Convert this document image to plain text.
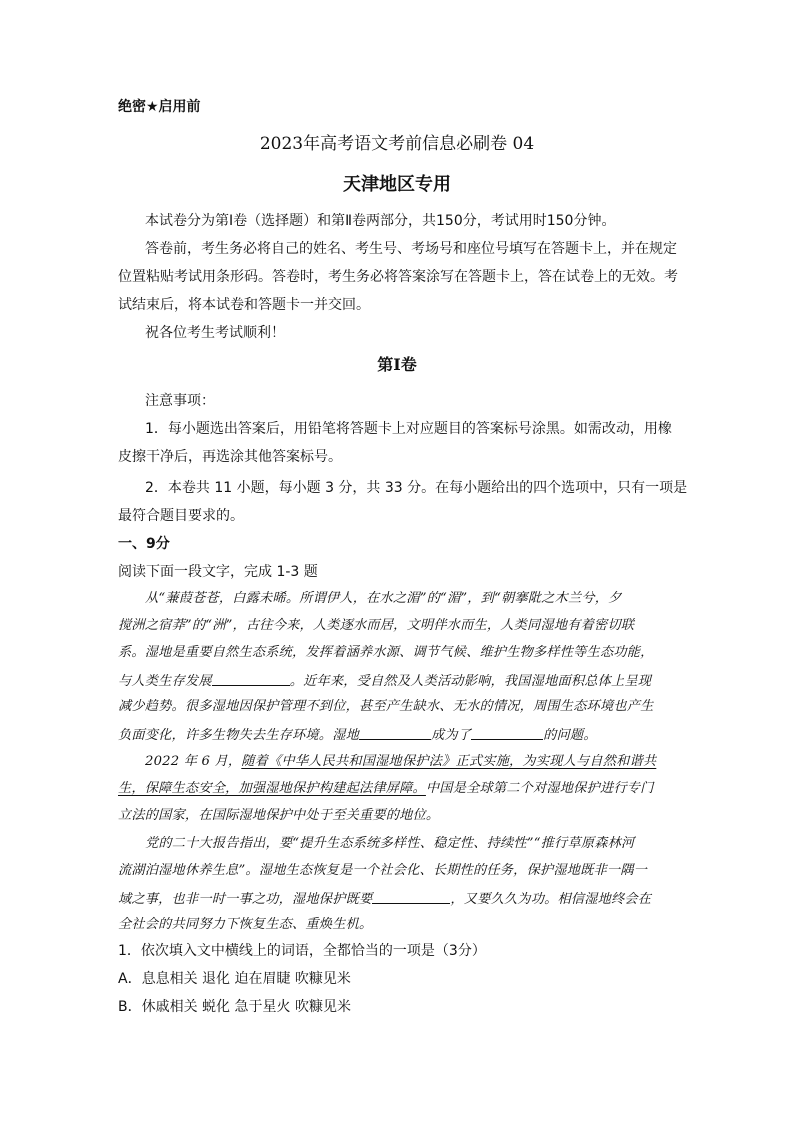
绝密★启用前
2023年高考语文考前信息必刷卷 04
天津地区专用
本试卷分为第Ⅰ卷（选择题）和第Ⅱ卷两部分，共150分，考试用时150分钟。
答卷前，考生务必将自己的姓名、考生号、考场号和座位号填写在答题卡上，并在规定
位置粘贴考试用条形码。答卷时，考生务必将答案涂写在答题卡上，答在试卷上的无效。考
试结束后，将本试卷和答题卡一并交回。
祝各位考生考试顺利！
第Ⅰ卷
注意事项：
1．每小题选出答案后，用铅笔将答题卡上对应题目的答案标号涂黑。如需改动，用橡
皮擦干净后，再选涂其他答案标号。
2．本卷共 11 小题，每小题 3 分，共 33 分。在每小题给出的四个选项中，只有一项是
最符合题目要求的。
一、9分
阅读下面一段文字，完成 1-3 题
从“蒹葭苍苍，白露未晞。所谓伊人，在水之湄”的“湄”，到“朝搴阰之木兰兮，夕
搅洲之宿莽”的“洲”，古往今来，人类逐水而居，文明伴水而生，人类同湿地有着密切联
系。湿地是重要自然生态系统，发挥着涵养水源、调节气候、维护生物多样性等生态功能，
与人类生存发展	。近年来，受自然及人类活动影响，我国湿地面积总体上呈现
减少趋势。很多湿地因保护管理不到位，甚至产生缺水、无水的情况，周围生态环境也产生
负面变化，许多生物失去生存环境。湿地	成为了	的问题。
2022 年 6 月，随着《中华人民共和国湿地保护法》正式实施，为实现人与自然和谐共
生，保障生态安全，加强湿地保护构建起法律屏障。中国是全球第二个对湿地保护进行专门
立法的国家，在国际湿地保护中处于至关重要的地位。
党的二十大报告指出，要“提升生态系统多样性、稳定性、持续性”“推行草原森林河
流湖泊湿地休养生息”。湿地生态恢复是一个社会化、长期性的任务，保护湿地既非一隅一
域之事，也非一时一事之功，湿地保护既要	，又要久久为功。相信湿地终会在
全社会的共同努力下恢复生态、重焕生机。
1．依次填入文中横线上的词语，全都恰当的一项是（3分）
A．息息相关 退化 迫在眉睫 吹糠见米
B．休戚相关 蜕化 急于星火 吹糠见米
